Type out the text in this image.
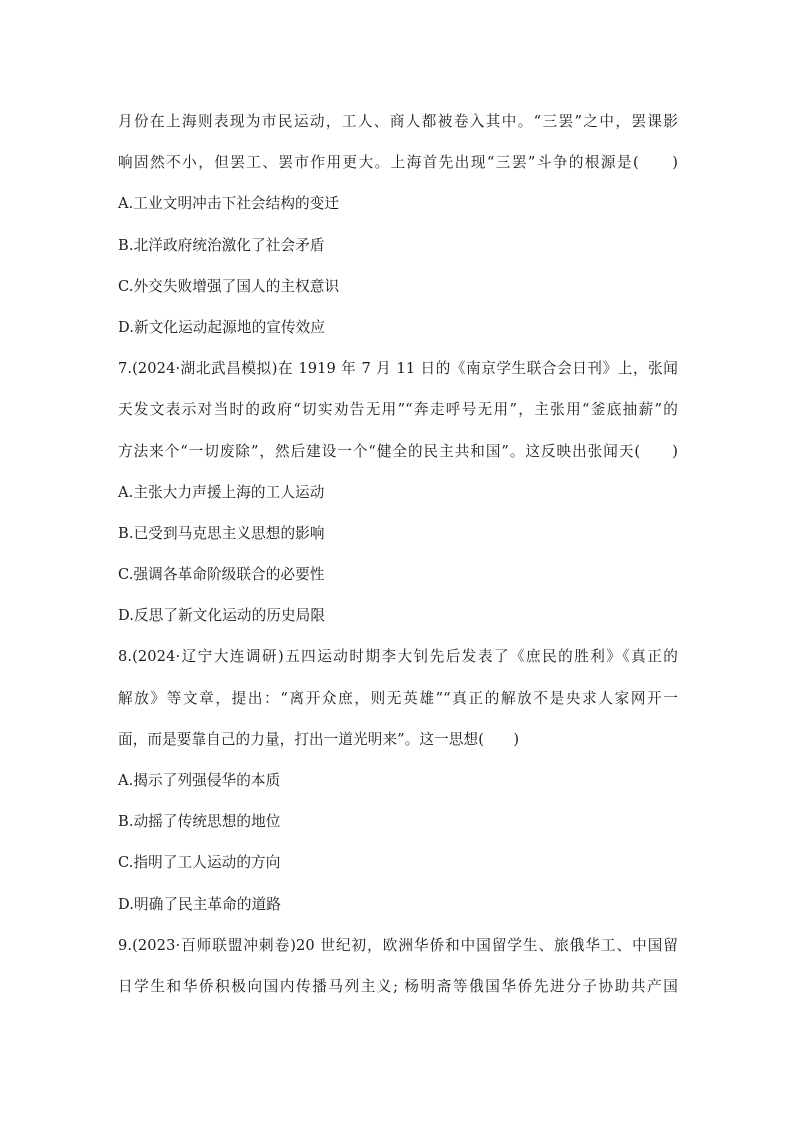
月份在上海则表现为市民运动，工人、商人都被卷入其中。“三罢”之中，罢课影
响固然不小，但罢工、罢市作用更大。上海首先出现“三罢”斗争的根源是(　　)
A.工业文明冲击下社会结构的变迁
B.北洋政府统治激化了社会矛盾
C.外交失败增强了国人的主权意识
D.新文化运动起源地的宣传效应
7.(2024·湖北武昌模拟)在 1919 年 7 月 11 日的《南京学生联合会日刊》上，张闻
天发文表示对当时的政府“切实劝告无用”“奔走呼号无用”，主张用“釜底抽薪”的
方法来个“一切废除”，然后建设一个“健全的民主共和国”。这反映出张闻天(　　)
A.主张大力声援上海的工人运动
B.已受到马克思主义思想的影响
C.强调各革命阶级联合的必要性
D.反思了新文化运动的历史局限
8.(2024·辽宁大连调研)五四运动时期李大钊先后发表了《庶民的胜利》《真正的
解放》等文章，提出：“离开众庶，则无英雄”“真正的解放不是央求人家网开一
面，而是要靠自己的力量，打出一道光明来”。这一思想(　　)
A.揭示了列强侵华的本质
B.动摇了传统思想的地位
C.指明了工人运动的方向
D.明确了民主革命的道路
9.(2023·百师联盟冲刺卷)20 世纪初，欧洲华侨和中国留学生、旅俄华工、中国留
日学生和华侨积极向国内传播马列主义; 杨明斋等俄国华侨先进分子协助共产国
